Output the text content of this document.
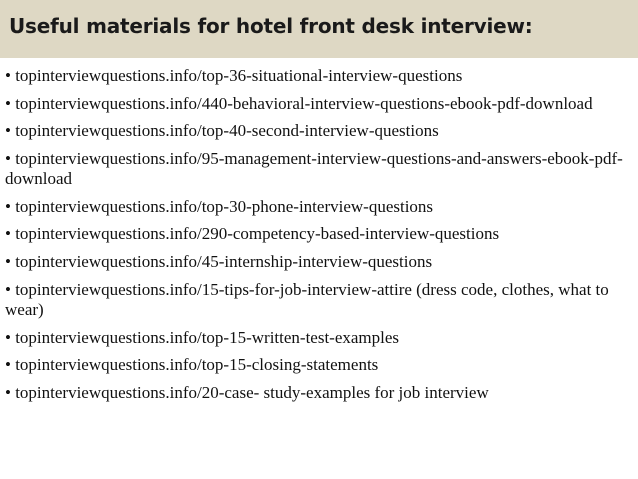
Useful materials for hotel front desk interview:
• topinterviewquestions.info/top-36-situational-interview-questions
• topinterviewquestions.info/440-behavioral-interview-questions-ebook-pdf-download
• topinterviewquestions.info/top-40-second-interview-questions
• topinterviewquestions.info/95-management-interview-questions-and-answers-ebook-pdf-download
• topinterviewquestions.info/top-30-phone-interview-questions
• topinterviewquestions.info/290-competency-based-interview-questions
• topinterviewquestions.info/45-internship-interview-questions
• topinterviewquestions.info/15-tips-for-job-interview-attire (dress code, clothes, what to wear)
• topinterviewquestions.info/top-15-written-test-examples
• topinterviewquestions.info/top-15-closing-statements
• topinterviewquestions.info/20-case- study-examples for job interview
